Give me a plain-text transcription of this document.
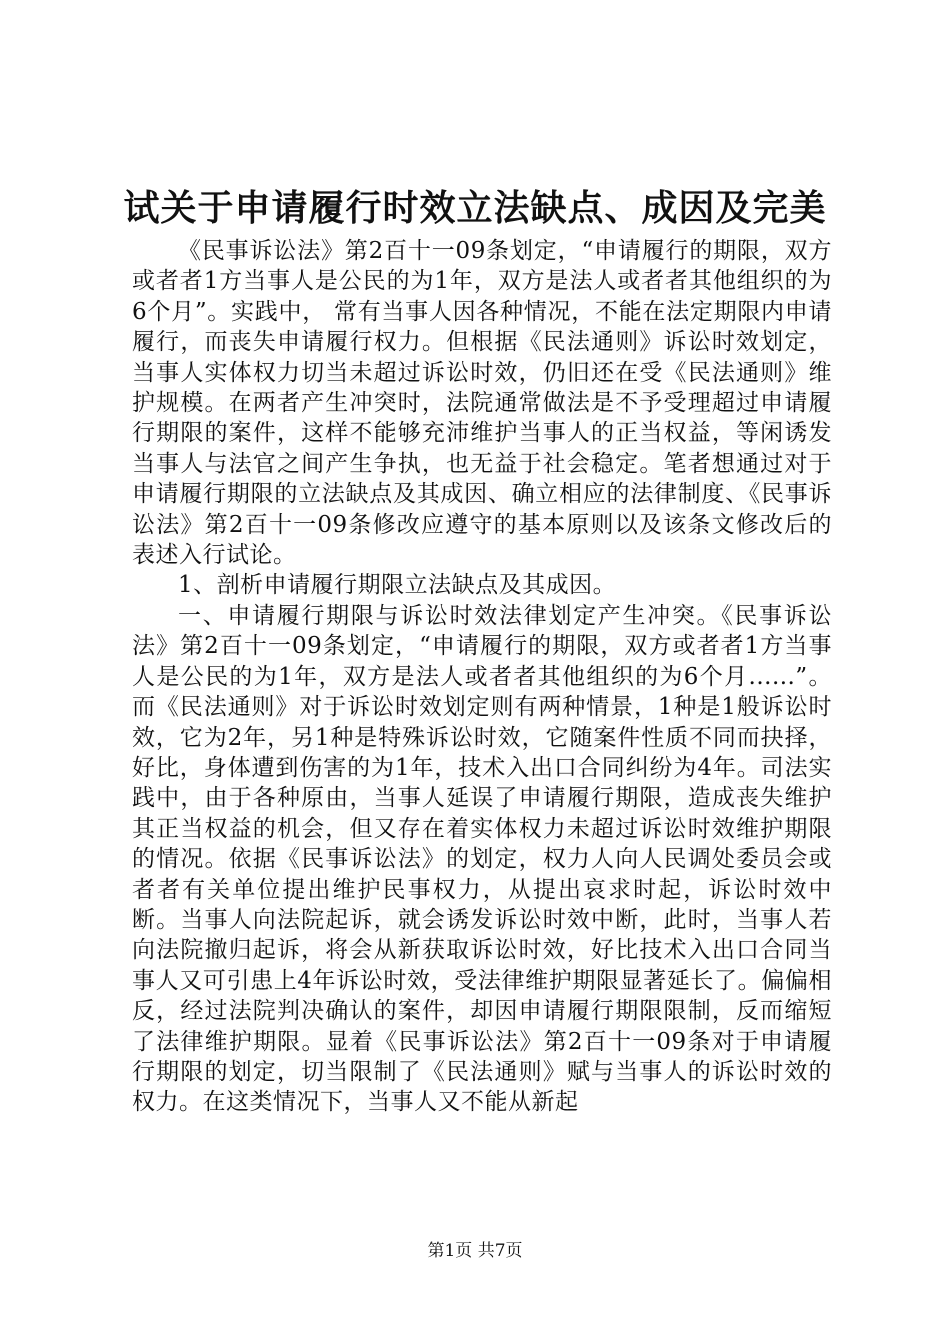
试关于申请履行时效立法缺点、成因及完美

《民事诉讼法》第2百十一09条划定，“申请履行的期限，双方或者者1方当事人是公民的为1年，双方是法人或者者其他组织的为6个月”。实践中， 常有当事人因各种情况，不能在法定期限内申请履行，而丧失申请履行权力。但根据《民法通则》诉讼时效划定，当事人实体权力切当未超过诉讼时效，仍旧还在受《民法通则》维护规模。在两者产生冲突时，法院通常做法是不予受理超过申请履行期限的案件，这样不能够充沛维护当事人的正当权益，等闲诱发当事人与法官之间产生争执，也无益于社会稳定。笔者想通过对于申请履行期限的立法缺点及其成因、确立相应的法律制度、《民事诉讼法》第2百十一09条修改应遵守的基本原则以及该条文修改后的表述入行试论。

1、剖析申请履行期限立法缺点及其成因。

一、申请履行期限与诉讼时效法律划定产生冲突。《民事诉讼法》第2百十一09条划定，“申请履行的期限，双方或者者1方当事人是公民的为1年，双方是法人或者者其他组织的为6个月......”。而《民法通则》对于诉讼时效划定则有两种情景，1种是1般诉讼时效，它为2年，另1种是特殊诉讼时效，它随案件性质不同而抉择，好比，身体遭到伤害的为1年，技术入出口合同纠纷为4年。司法实践中，由于各种原由，当事人延误了申请履行期限，造成丧失维护其正当权益的机会，但又存在着实体权力未超过诉讼时效维护期限的情况。依据《民事诉讼法》的划定，权力人向人民调处委员会或者者有关单位提出维护民事权力，从提出哀求时起，诉讼时效中断。当事人向法院起诉，就会诱发诉讼时效中断，此时，当事人若向法院撤归起诉，将会从新获取诉讼时效，好比技术入出口合同当事人又可引患上4年诉讼时效，受法律维护期限显著延长了。偏偏相反，经过法院判决确认的案件，却因申请履行期限限制，反而缩短了法律维护期限。显着《民事诉讼法》第2百十一09条对于申请履行期限的划定，切当限制了《民法通则》赋与当事人的诉讼时效的权力。在这类情况下，当事人又不能从新起

第1页 共7页
